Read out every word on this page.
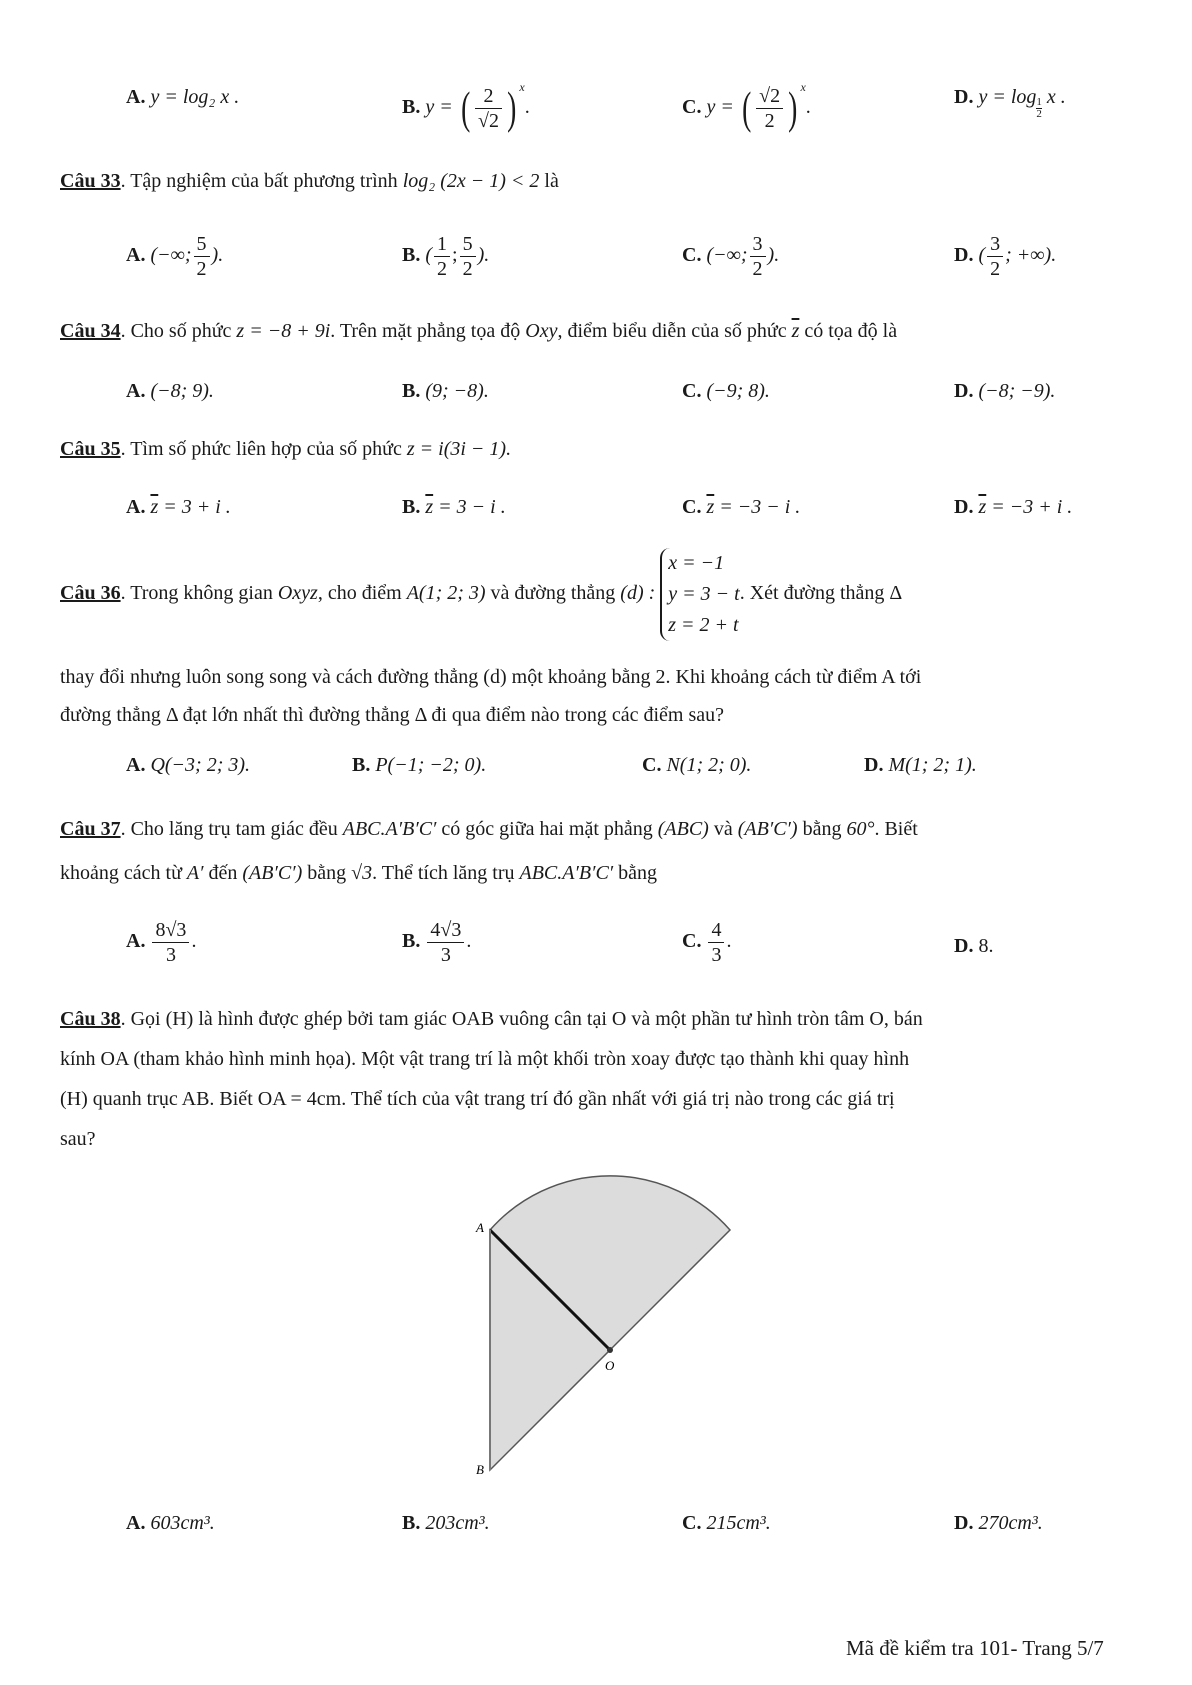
A. y = log₂ x .	B. y = ( $\frac{2}{√2}$ ) $^x$.	C. y = ( $\frac{√2}{2}$ ) $^x$.	D. $y = \log \frac{1}{2}$ x .
Câu 33. Tập nghiệm của bất phương trình log₂ (2x − 1) < 2 là
A. (−∞; $\frac{5}{2}$ ).	B. ( $\frac{1}{2}$ ; $\frac{5}{2}$ ).	C. (−∞; $\frac{3}{2}$ ).	D. ( $\frac{3}{2}$ ; +∞).
Câu 34. Cho số phức z = −8 + 9i. Trên mặt phẳng tọa độ Oxy, điểm biểu diễn của số phức $\overline{z}$ có tọa độ là
A. (−8; 9).	B. (9; −8).	C. (−9; 8).	D. (−8; −9).
Câu 35. Tìm số phức liên hợp của số phức z = i(3i − 1).
A. $\overline{z} = 3 + i$ .	B. $\overline{z} = 3 - i$ .	C. $\overline{z} = -3 - i$ .	D. $\overline{z} = -3 + i$ .
Câu 36. Trong không gian Oxyz, cho điểm A(1; 2; 3) và đường thẳng (d) :
x = −1
y = 3 − t
z = 2 + t
. Xét đường thẳng Δ
thay đổi nhưng luôn song song và cách đường thẳng (d) một khoảng bằng 2. Khi khoảng cách từ điểm A tới
đường thẳng Δ đạt lớn nhất thì đường thẳng Δ đi qua điểm nào trong các điểm sau?
A. Q(−3; 2; 3).	B. P(−1; −2; 0).	C. N(1; 2; 0).	D. M(1; 2; 1).
Câu 37. Cho lăng trụ tam giác đều ABC.A′B′C′ có góc giữa hai mặt phẳng (ABC) và (AB′C′) bằng 60°. Biết
khoảng cách từ A′ đến (AB′C′) bằng √3. Thể tích lăng trụ ABC.A′B′C′ bằng
A. $\frac{8√3}{3}$ .	B. $\frac{4√3}{3}$ .	C. $\frac{4}{3}$ .	D. 8.
Câu 38. Gọi (H) là hình được ghép bởi tam giác OAB vuông cân tại O và một phần tư hình tròn tâm O, bán
kính OA (tham khảo hình minh họa). Một vật trang trí là một khối tròn xoay được tạo thành khi quay hình
(H) quanh trục AB. Biết OA = 4cm. Thể tích của vật trang trí đó gần nhất với giá trị nào trong các giá trị
sau?
A
O
B
A. 603cm³.	B. 203cm³.	C. 215cm³.	D. 270cm³.
Mã đề kiểm tra 101- Trang 5/7
